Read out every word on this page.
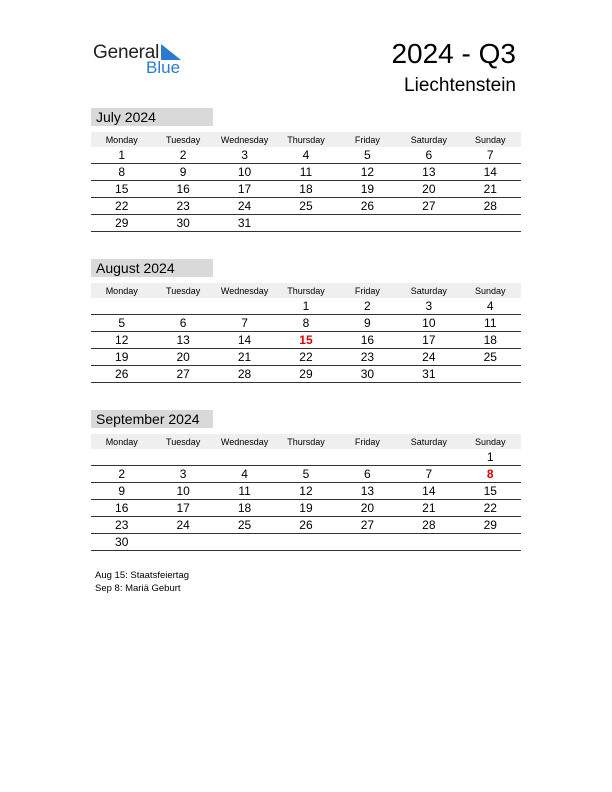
General
Blue	2024 - Q3
Liechtenstein
July 2024
Monday	Tuesday	Wednesday	Thursday	Friday	Saturday	Sunday
1	2	3	4	5	6	7
8	9	10	11	12	13	14
15	16	17	18	19	20	21
22	23	24	25	26	27	28
29	30	31				
August 2024
Monday	Tuesday	Wednesday	Thursday	Friday	Saturday	Sunday
			1	2	3	4
5	6	7	8	9	10	11
12	13	14	15	16	17	18
19	20	21	22	23	24	25
26	27	28	29	30	31	
September 2024
Monday	Tuesday	Wednesday	Thursday	Friday	Saturday	Sunday
						1
2	3	4	5	6	7	8
9	10	11	12	13	14	15
16	17	18	19	20	21	22
23	24	25	26	27	28	29
30						
Aug 15: Staatsfeiertag
Sep 8: Mariä Geburt
